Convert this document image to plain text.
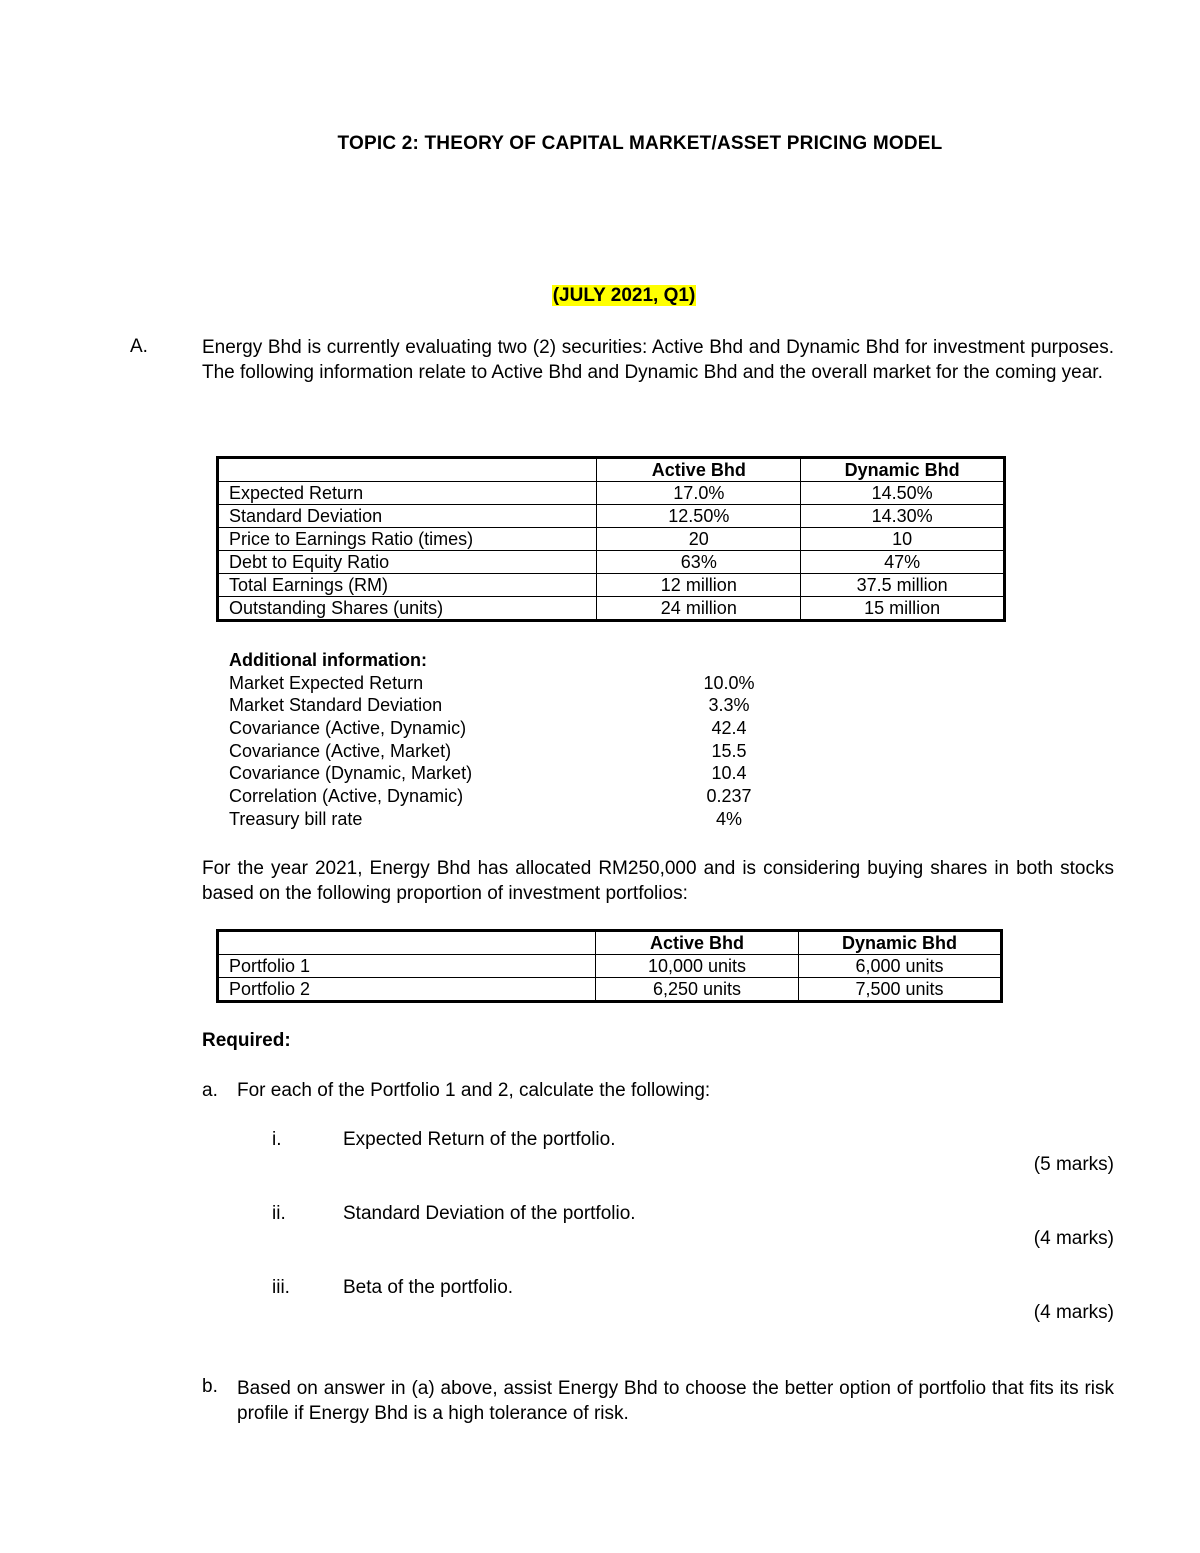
TOPIC 2: THEORY OF CAPITAL MARKET/ASSET PRICING MODEL
(JULY 2021, Q1)
A.	Energy Bhd is currently evaluating two (2) securities: Active Bhd and Dynamic Bhd for investment purposes. The following information relate to Active Bhd and Dynamic Bhd and the overall market for the coming year.
	Active Bhd	Dynamic Bhd
Expected Return	17.0%	14.50%
Standard Deviation	12.50%	14.30%
Price to Earnings Ratio (times)	20	10
Debt to Equity Ratio	63%	47%
Total Earnings (RM)	12 million	37.5 million
Outstanding Shares (units)	24 million	15 million
Additional information:
Market Expected Return	10.0%
Market Standard Deviation	3.3%
Covariance (Active, Dynamic)	42.4
Covariance (Active, Market)	15.5
Covariance (Dynamic, Market)	10.4
Correlation (Active, Dynamic)	0.237
Treasury bill rate	4%
For the year 2021, Energy Bhd has allocated RM250,000 and is considering buying shares in both stocks based on the following proportion of investment portfolios:
	Active Bhd	Dynamic Bhd
Portfolio 1	10,000 units	6,000 units
Portfolio 2	6,250 units	7,500 units
Required:
a. For each of the Portfolio 1 and 2, calculate the following:
i.	Expected Return of the portfolio.
(5 marks)
ii.	Standard Deviation of the portfolio.
(4 marks)
iii.	Beta of the portfolio.
(4 marks)
b. Based on answer in (a) above, assist Energy Bhd to choose the better option of portfolio that fits its risk profile if Energy Bhd is a high tolerance of risk.
